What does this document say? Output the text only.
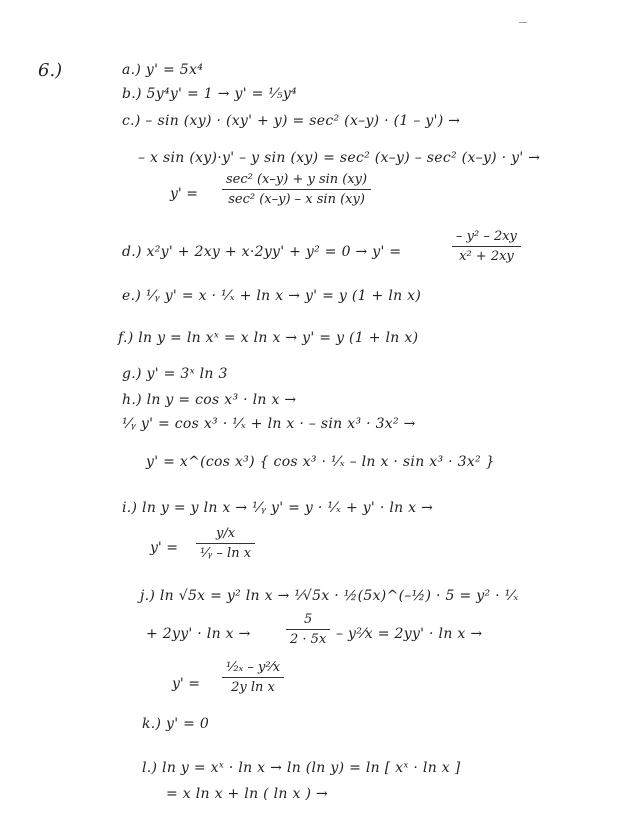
6.)	a.) y' = 5x⁴
b.) 5y⁴y' = 1 → y' = ¹⁄₅y⁴
c.) – sin (xy) · (xy' + y) = sec² (x–y) · (1 – y') →
– x sin (xy)·y' – y sin (xy) = sec² (x–y) – sec² (x–y) · y' →
y' =
sec² (x–y) + y sin (xy)
sec² (x–y) – x sin (xy)
d.) x²y' + 2xy + x·2yy' + y² = 0 → y' =	$\frac{\text{– y² – 2xy}}{\text{x² + 2xy}}$
e.) ¹⁄ᵧ y' = x · ¹⁄ₓ + ln x → y' = y (1 + ln x)
f.) ln y = ln xˣ = x ln x → y' = y (1 + ln x)
g.) y' = 3ˣ ln 3
h.) ln y = cos x³ · ln x →
¹⁄ᵧ y' = cos x³ · ¹⁄ₓ + ln x · – sin x³ · 3x² →
y' = x^(cos x³) { cos x³ · ¹⁄ₓ – ln x · sin x³ · 3x² }
i.) ln y = y ln x → ¹⁄ᵧ y' = y · ¹⁄ₓ + y' · ln x →
$y' = \frac{y/x}{\text{¹⁄ᵧ – ln x}}$
j.) ln √5x = y² ln x → ¹⁄√5x · ½(5x)^(–½) · 5 = y² · ¹⁄ₓ
+ 2yy' · ln x →	$\frac{5}{2 \cdot 5x}$ – y²⁄x = 2yy' · ln x →
$y' = \frac{\text{¹⁄₂ₓ – y²⁄x}}{\text{2y ln x}}$
k.) y' = 0
l.) ln y = xˣ · ln x → ln (ln y) = ln [ xˣ · ln x ]
= x ln x + ln ( ln x ) →
